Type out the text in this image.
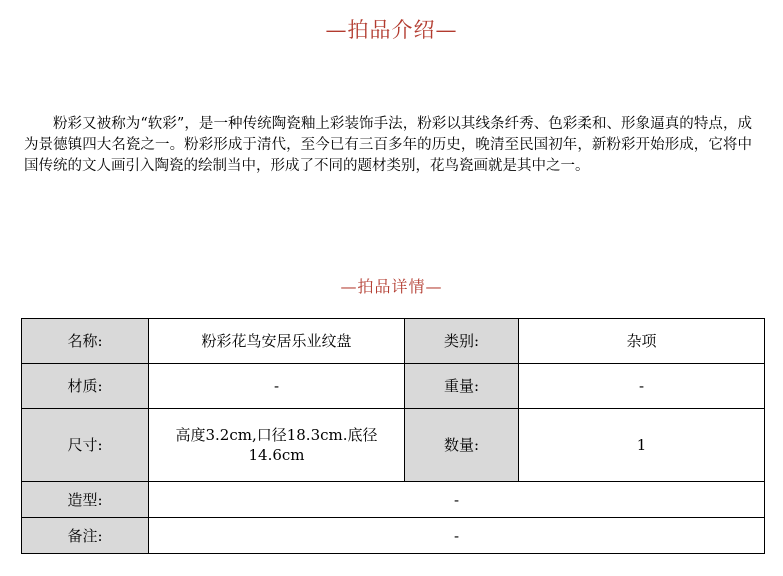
—拍品介绍—

粉彩又被称为“软彩”，是一种传统陶瓷釉上彩装饰手法，粉彩以其线条纤秀、色彩柔和、形象逼真的特点，成为景德镇四大名瓷之一。粉彩形成于清代，至今已有三百多年的历史，晚清至民国初年，新粉彩开始形成，它将中国传统的文人画引入陶瓷的绘制当中，形成了不同的题材类别，花鸟瓷画就是其中之一。

—拍品详情—
名称:	粉彩花鸟安居乐业纹盘	类别:	杂项
材质:	-	重量:	-
尺寸:	高度3.2cm,口径18.3cm.底径14.6cm	数量:	1
造型:	-		
备注:	-		
